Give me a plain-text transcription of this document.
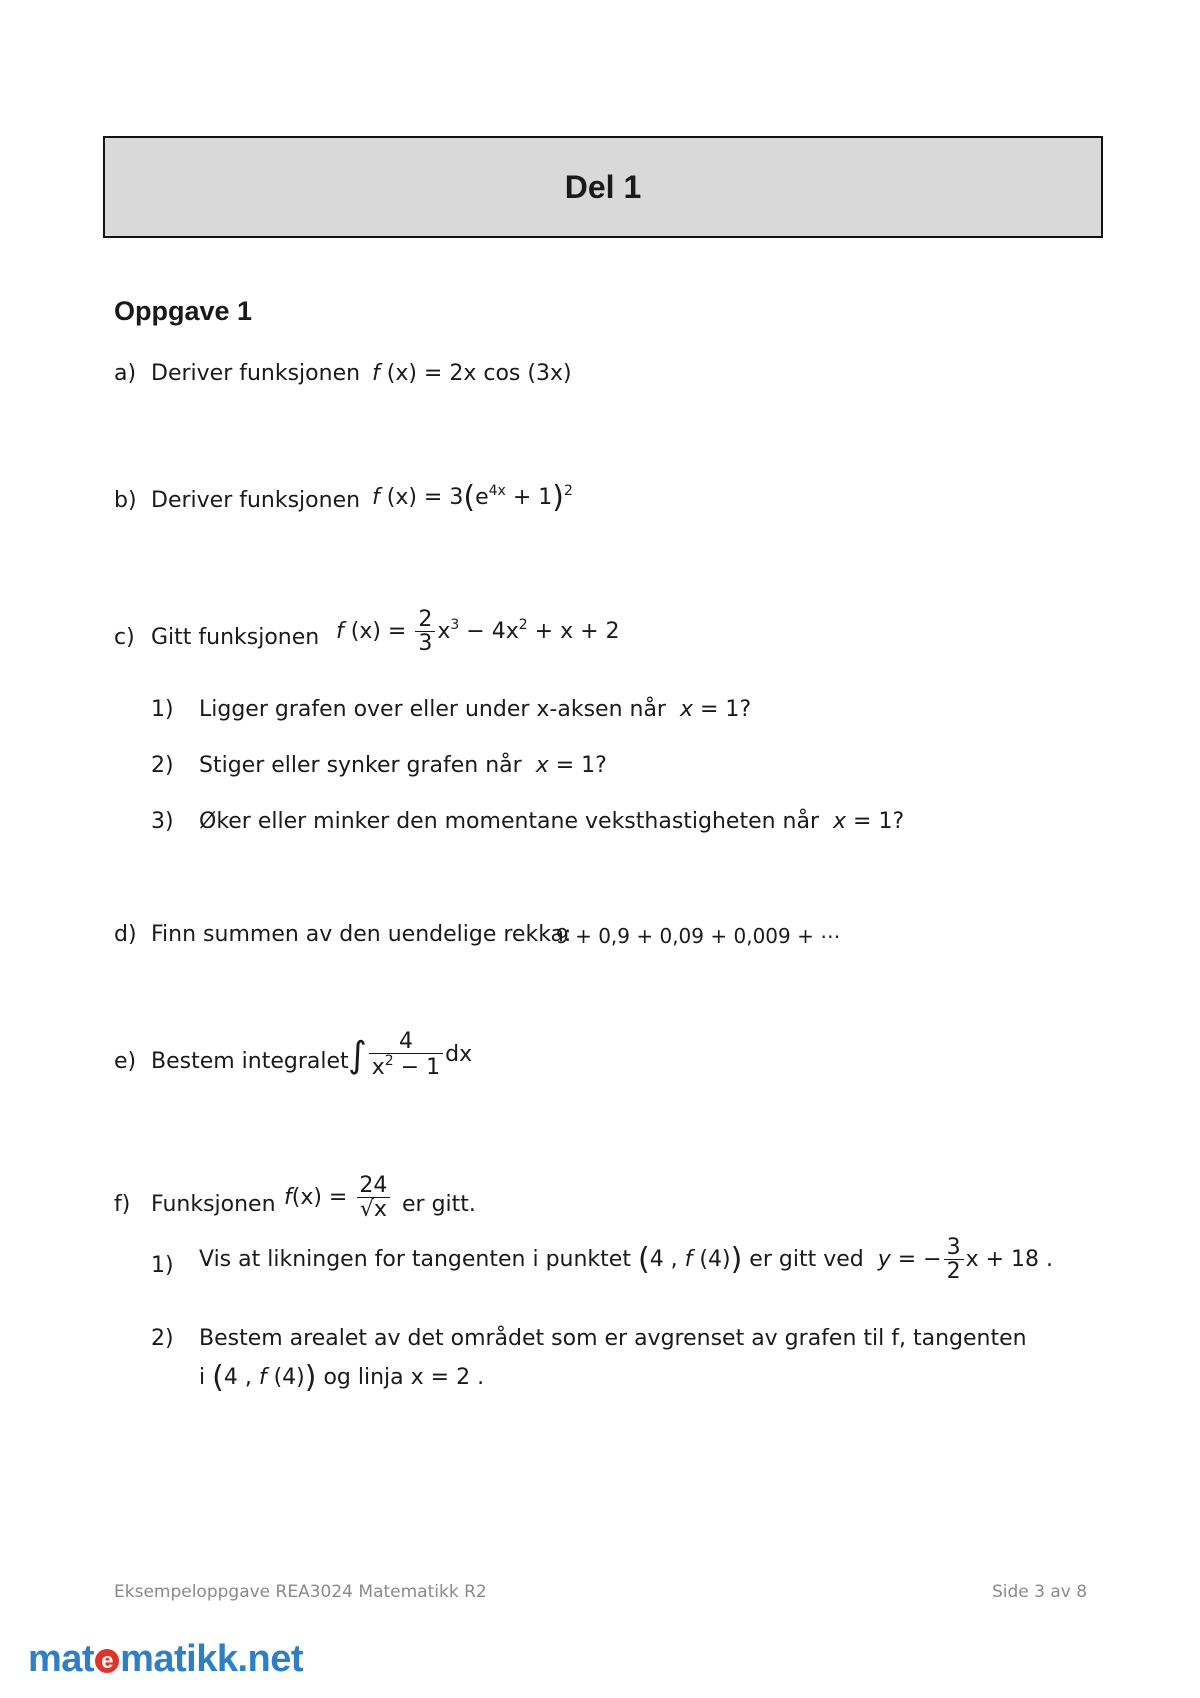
Del 1
Oppgave 1
a) Deriver funksjonen f (x) = 2x cos (3x)
b) Deriver funksjonen f $(x) = 3(e^{4x} + 1)^2$
c) Gitt funksjonen f $(x) = \frac{2}{3} x^3 - 4x^2 + x + 2$
1) Ligger grafen over eller under x-aksen når x = 1?
2) Stiger eller synker grafen når x = 1?
3) Øker eller minker den momentane veksthastigheten når x = 1?
d) Finn summen av den uendelige rekka:
9 + 0,9 + 0,09 + 0,009 + ⋯
e) Bestem integralet ∫ $\frac{4}{x^2 - 1}$ dx
f) Funksjonen $f(x) = \frac{24}{√x}$ er gitt.
1) Vis at likningen for tangenten i punktet (4 , f (4)) er gitt ved y = − $\frac{3}{2}$ x + 18 .
2) Bestem arealet av det området som er avgrenset av grafen til f, tangenten
i (4 , f (4)) og linja x = 2 .
Eksempeloppgave REA3024 Matematikk R2	Side 3 av 8
mat e matikk.net
